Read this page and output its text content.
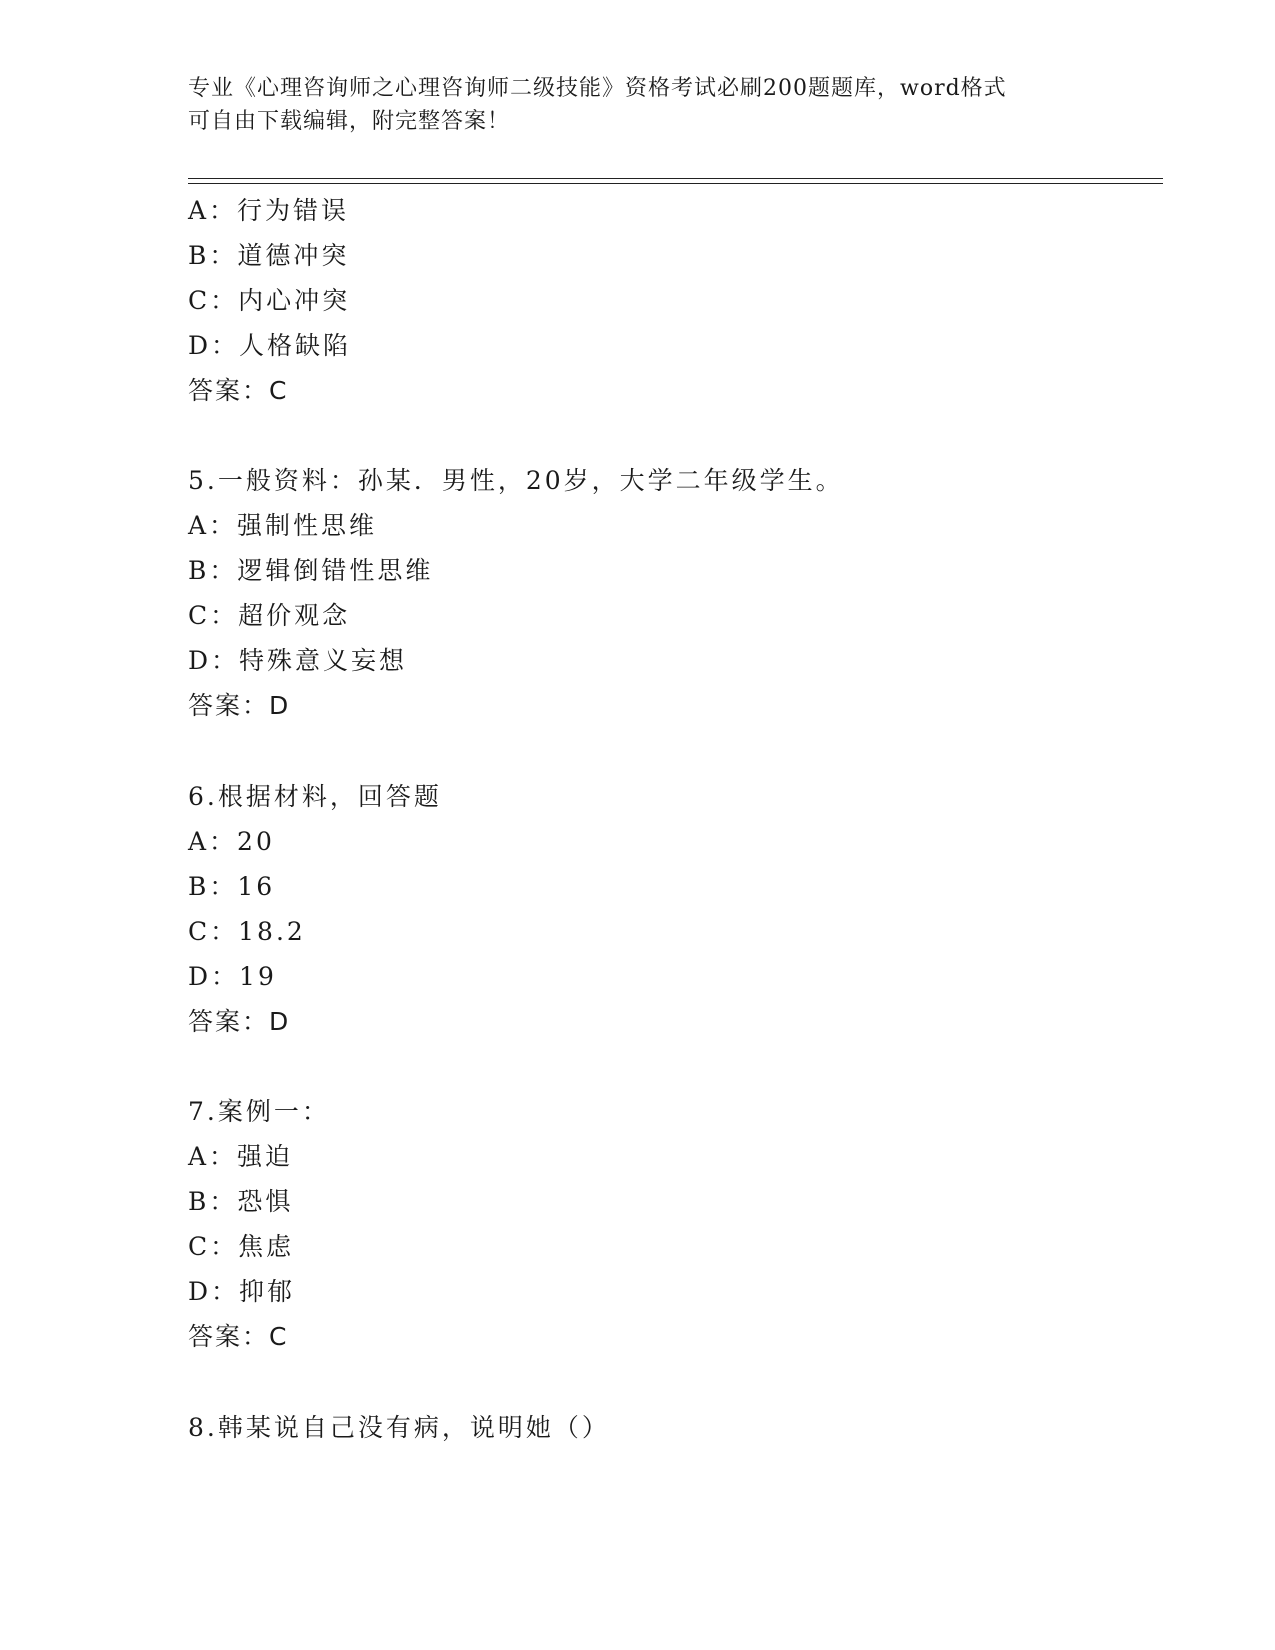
专业《心理咨询师之心理咨询师二级技能》资格考试必刷200题题库，word格式
可自由下载编辑，附完整答案！
A：行为错误
B：道德冲突
C：内心冲突
D：人格缺陷
答案：C
5.一般资料：孙某．男性，20岁，大学二年级学生。
A：强制性思维
B：逻辑倒错性思维
C：超价观念
D：特殊意义妄想
答案：D
6.根据材料，回答题
A：20
B：16
C：18.2
D：19
答案：D
7.案例一：
A：强迫
B：恐惧
C：焦虑
D：抑郁
答案：C
8.韩某说自己没有病，说明她（）
